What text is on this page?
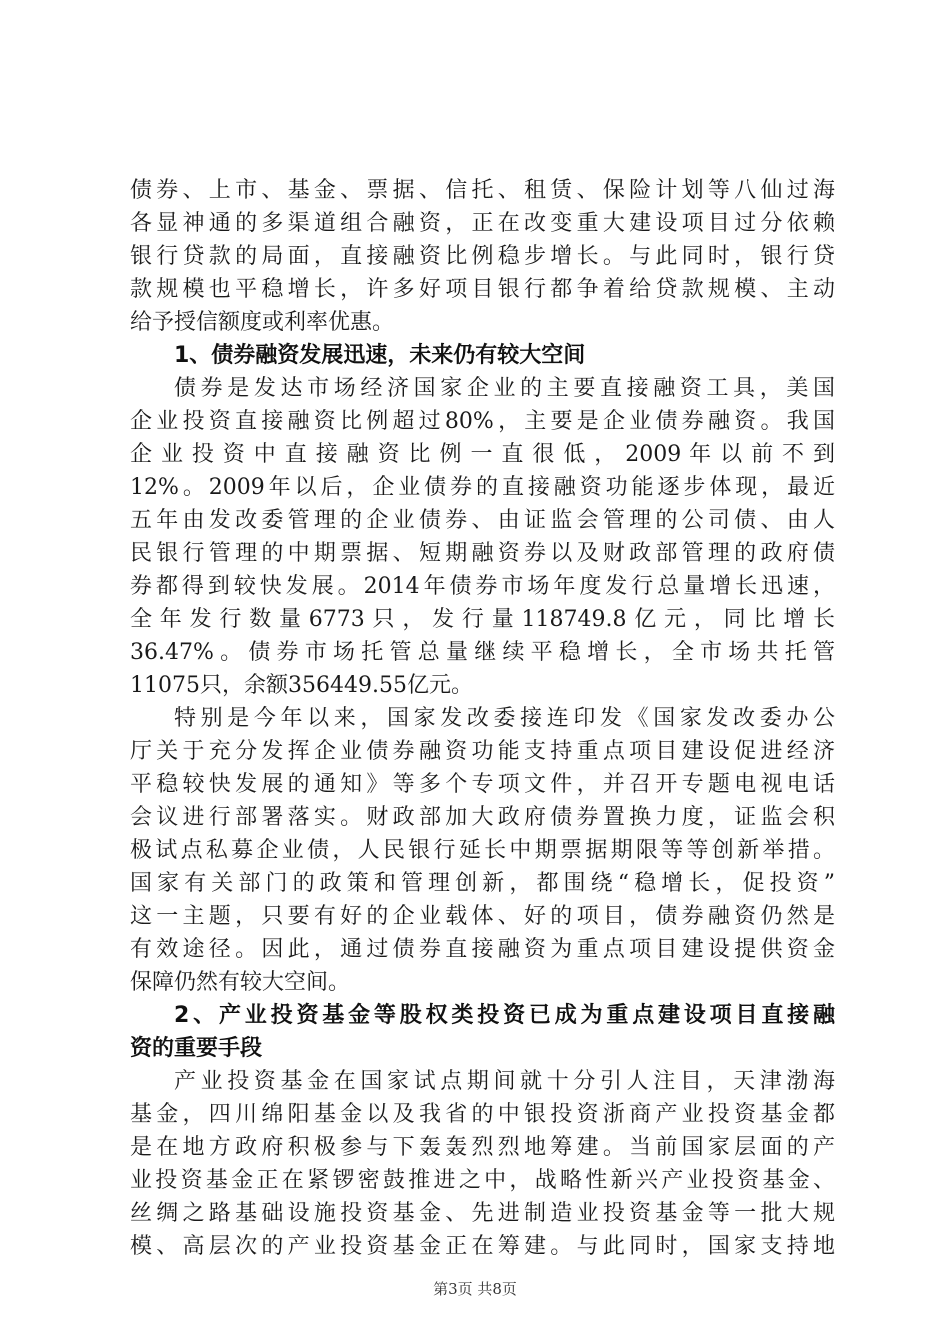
债券、上市、基金、票据、信托、租赁、保险计划等八仙过海
各显神通的多渠道组合融资，正在改变重大建设项目过分依赖
银行贷款的局面，直接融资比例稳步增长。与此同时，银行贷
款规模也平稳增长，许多好项目银行都争着给贷款规模、主动
给予授信额度或利率优惠。
1、债券融资发展迅速，未来仍有较大空间
债券是发达市场经济国家企业的主要直接融资工具，美国
企业投资直接融资比例超过80%，主要是企业债券融资。我国
企 业 投 资 中 直 接 融 资 比 例 一 直 很 低 ， 2009 年 以 前 不 到
12%。2009年以后，企业债券的直接融资功能逐步体现，最近
五年由发改委管理的企业债券、由证监会管理的公司债、由人
民银行管理的中期票据、短期融资券以及财政部管理的政府债
券都得到较快发展。2014年债券市场年度发行总量增长迅速，
全年发行数量6773只，发行量118749.8亿元，同比增长
36.47%。债券市场托管总量继续平稳增长，全市场共托管
11075只，余额356449.55亿元。
特别是今年以来，国家发改委接连印发《国家发改委办公
厅关于充分发挥企业债券融资功能支持重点项目建设促进经济
平稳较快发展的通知》等多个专项文件，并召开专题电视电话
会议进行部署落实。财政部加大政府债券置换力度，证监会积
极试点私募企业债，人民银行延长中期票据期限等等创新举措。
国家有关部门的政策和管理创新，都围绕“稳增长，促投资”
这一主题，只要有好的企业载体、好的项目，债券融资仍然是
有效途径。因此，通过债券直接融资为重点项目建设提供资金
保障仍然有较大空间。
2、产业投资基金等股权类投资已成为重点建设项目直接融
资的重要手段
产业投资基金在国家试点期间就十分引人注目，天津渤海
基金，四川绵阳基金以及我省的中银投资浙商产业投资基金都
是在地方政府积极参与下轰轰烈烈地筹建。当前国家层面的产
业投资基金正在紧锣密鼓推进之中，战略性新兴产业投资基金、
丝绸之路基础设施投资基金、先进制造业投资基金等一批大规
模、高层次的产业投资基金正在筹建。与此同时，国家支持地
第3页 共8页
